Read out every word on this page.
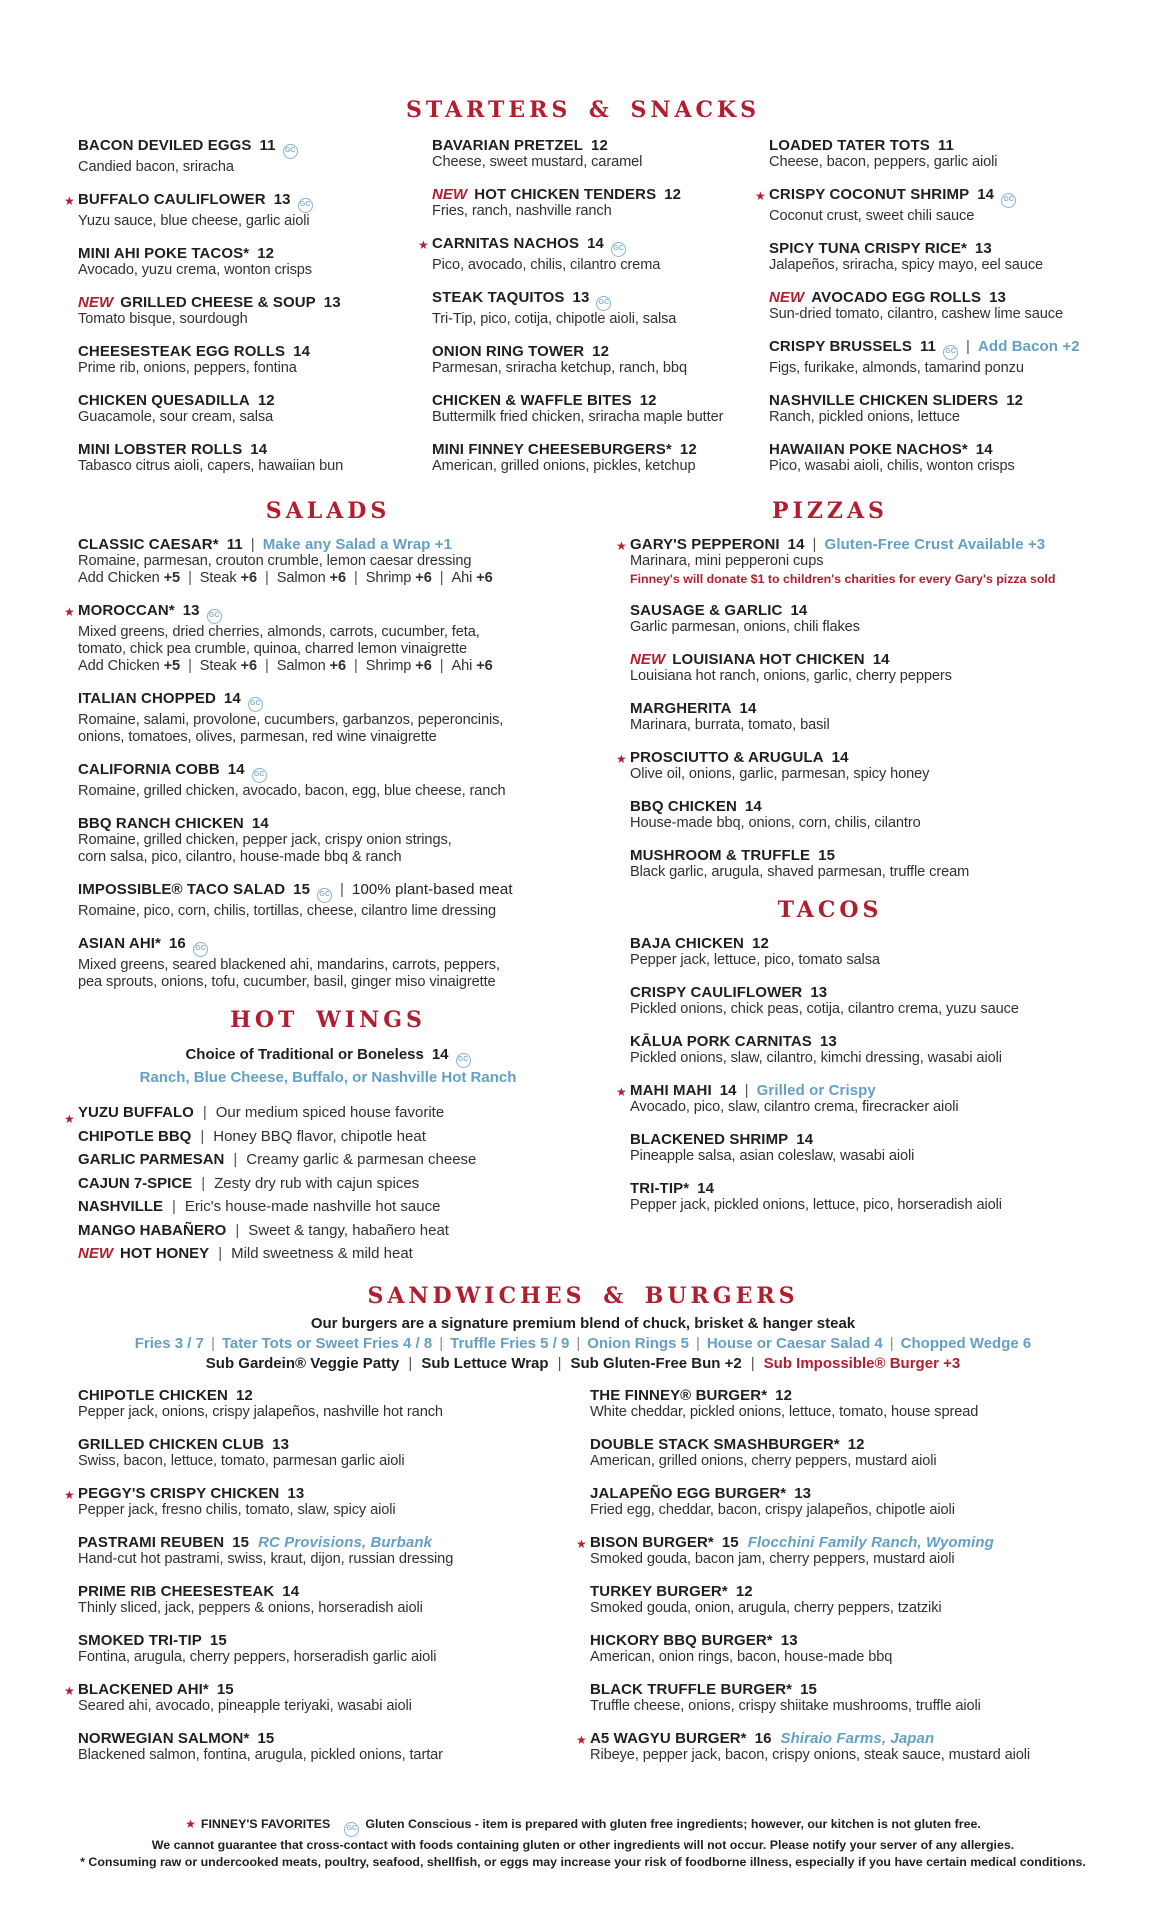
STARTERS & SNACKS
BACON DEVILED EGGS 11 GC
Candied bacon, sriracha
★ BUFFALO CAULIFLOWER 13 GC
Yuzu sauce, blue cheese, garlic aioli
MINI AHI POKE TACOS* 12
Avocado, yuzu crema, wonton crisps
NEW GRILLED CHEESE & SOUP 13
Tomato bisque, sourdough
CHEESESTEAK EGG ROLLS 14
Prime rib, onions, peppers, fontina
CHICKEN QUESADILLA 12
Guacamole, sour cream, salsa
MINI LOBSTER ROLLS 14
Tabasco citrus aioli, capers, hawaiian bun
BAVARIAN PRETZEL 12
Cheese, sweet mustard, caramel
NEW HOT CHICKEN TENDERS 12
Fries, ranch, nashville ranch
★ CARNITAS NACHOS 14 GC
Pico, avocado, chilis, cilantro crema
STEAK TAQUITOS 13 GC
Tri-Tip, pico, cotija, chipotle aioli, salsa
ONION RING TOWER 12
Parmesan, sriracha ketchup, ranch, bbq
CHICKEN & WAFFLE BITES 12
Buttermilk fried chicken, sriracha maple butter
MINI FINNEY CHEESEBURGERS* 12
American, grilled onions, pickles, ketchup
LOADED TATER TOTS 11
Cheese, bacon, peppers, garlic aioli
★ CRISPY COCONUT SHRIMP 14 GC
Coconut crust, sweet chili sauce
SPICY TUNA CRISPY RICE* 13
Jalapeños, sriracha, spicy mayo, eel sauce
NEW AVOCADO EGG ROLLS 13
Sun-dried tomato, cilantro, cashew lime sauce
CRISPY BRUSSELS 11 GC | Add Bacon +2
Figs, furikake, almonds, tamarind ponzu
NASHVILLE CHICKEN SLIDERS 12
Ranch, pickled onions, lettuce
HAWAIIAN POKE NACHOS* 14
Pico, wasabi aioli, chilis, wonton crisps
SALADS
CLASSIC CAESAR* 11 | Make any Salad a Wrap +1
Romaine, parmesan, crouton crumble, lemon caesar dressing
Add Chicken +5 | Steak +6 | Salmon +6 | Shrimp +6 | Ahi +6
★ MOROCCAN* 13 GC
Mixed greens, dried cherries, almonds, carrots, cucumber, feta,
tomato, chick pea crumble, quinoa, charred lemon vinaigrette
Add Chicken +5 | Steak +6 | Salmon +6 | Shrimp +6 | Ahi +6
ITALIAN CHOPPED 14 GC
Romaine, salami, provolone, cucumbers, garbanzos, peperoncinis,
onions, tomatoes, olives, parmesan, red wine vinaigrette
CALIFORNIA COBB 14 GC
Romaine, grilled chicken, avocado, bacon, egg, blue cheese, ranch
BBQ RANCH CHICKEN 14
Romaine, grilled chicken, pepper jack, crispy onion strings,
corn salsa, pico, cilantro, house-made bbq & ranch
IMPOSSIBLE® TACO SALAD 15 GC | 100% plant-based meat
Romaine, pico, corn, chilis, tortillas, cheese, cilantro lime dressing
ASIAN AHI* 16 GC
Mixed greens, seared blackened ahi, mandarins, carrots, peppers,
pea sprouts, onions, tofu, cucumber, basil, ginger miso vinaigrette
HOT WINGS
Choice of Traditional or Boneless 14 GC
Ranch, Blue Cheese, Buffalo, or Nashville Hot Ranch
★ YUZU BUFFALO | Our medium spiced house favorite
CHIPOTLE BBQ | Honey BBQ flavor, chipotle heat
GARLIC PARMESAN | Creamy garlic & parmesan cheese
CAJUN 7-SPICE | Zesty dry rub with cajun spices
NASHVILLE | Eric's house-made nashville hot sauce
MANGO HABAÑERO | Sweet & tangy, habañero heat
NEW HOT HONEY | Mild sweetness & mild heat
PIZZAS
★ GARY'S PEPPERONI 14 | Gluten-Free Crust Available +3
Marinara, mini pepperoni cups
Finney's will donate $1 to children's charities for every Gary's pizza sold
SAUSAGE & GARLIC 14
Garlic parmesan, onions, chili flakes
NEW LOUISIANA HOT CHICKEN 14
Louisiana hot ranch, onions, garlic, cherry peppers
MARGHERITA 14
Marinara, burrata, tomato, basil
★ PROSCIUTTO & ARUGULA 14
Olive oil, onions, garlic, parmesan, spicy honey
BBQ CHICKEN 14
House-made bbq, onions, corn, chilis, cilantro
MUSHROOM & TRUFFLE 15
Black garlic, arugula, shaved parmesan, truffle cream
TACOS
BAJA CHICKEN 12
Pepper jack, lettuce, pico, tomato salsa
CRISPY CAULIFLOWER 13
Pickled onions, chick peas, cotija, cilantro crema, yuzu sauce
KĀLUA PORK CARNITAS 13
Pickled onions, slaw, cilantro, kimchi dressing, wasabi aioli
★ MAHI MAHI 14 | Grilled or Crispy
Avocado, pico, slaw, cilantro crema, firecracker aioli
BLACKENED SHRIMP 14
Pineapple salsa, asian coleslaw, wasabi aioli
TRI-TIP* 14
Pepper jack, pickled onions, lettuce, pico, horseradish aioli
SANDWICHES & BURGERS
Our burgers are a signature premium blend of chuck, brisket & hanger steak
Fries 3 / 7 | Tater Tots or Sweet Fries 4 / 8 | Truffle Fries 5 / 9 | Onion Rings 5 | House or Caesar Salad 4 | Chopped Wedge 6
Sub Gardein® Veggie Patty | Sub Lettuce Wrap | Sub Gluten-Free Bun +2 | Sub Impossible® Burger +3
CHIPOTLE CHICKEN 12
Pepper jack, onions, crispy jalapeños, nashville hot ranch
GRILLED CHICKEN CLUB 13
Swiss, bacon, lettuce, tomato, parmesan garlic aioli
★ PEGGY'S CRISPY CHICKEN 13
Pepper jack, fresno chilis, tomato, slaw, spicy aioli
PASTRAMI REUBEN 15 RC Provisions, Burbank
Hand-cut hot pastrami, swiss, kraut, dijon, russian dressing
PRIME RIB CHEESESTEAK 14
Thinly sliced, jack, peppers & onions, horseradish aioli
SMOKED TRI-TIP 15
Fontina, arugula, cherry peppers, horseradish garlic aioli
★ BLACKENED AHI* 15
Seared ahi, avocado, pineapple teriyaki, wasabi aioli
NORWEGIAN SALMON* 15
Blackened salmon, fontina, arugula, pickled onions, tartar
THE FINNEY® BURGER* 12
White cheddar, pickled onions, lettuce, tomato, house spread
DOUBLE STACK SMASHBURGER* 12
American, grilled onions, cherry peppers, mustard aioli
JALAPEÑO EGG BURGER* 13
Fried egg, cheddar, bacon, crispy jalapeños, chipotle aioli
★ BISON BURGER* 15 Flocchini Family Ranch, Wyoming
Smoked gouda, bacon jam, cherry peppers, mustard aioli
TURKEY BURGER* 12
Smoked gouda, onion, arugula, cherry peppers, tzatziki
HICKORY BBQ BURGER* 13
American, onion rings, bacon, house-made bbq
BLACK TRUFFLE BURGER* 15
Truffle cheese, onions, crispy shiitake mushrooms, truffle aioli
★ A5 WAGYU BURGER* 16 Shiraio Farms, Japan
Ribeye, pepper jack, bacon, crispy onions, steak sauce, mustard aioli
★ FINNEY'S FAVORITES GC Gluten Conscious - item is prepared with gluten free ingredients; however, our kitchen is not gluten free.
We cannot guarantee that cross-contact with foods containing gluten or other ingredients will not occur. Please notify your server of any allergies.
* Consuming raw or undercooked meats, poultry, seafood, shellfish, or eggs may increase your risk of foodborne illness, especially if you have certain medical conditions.
